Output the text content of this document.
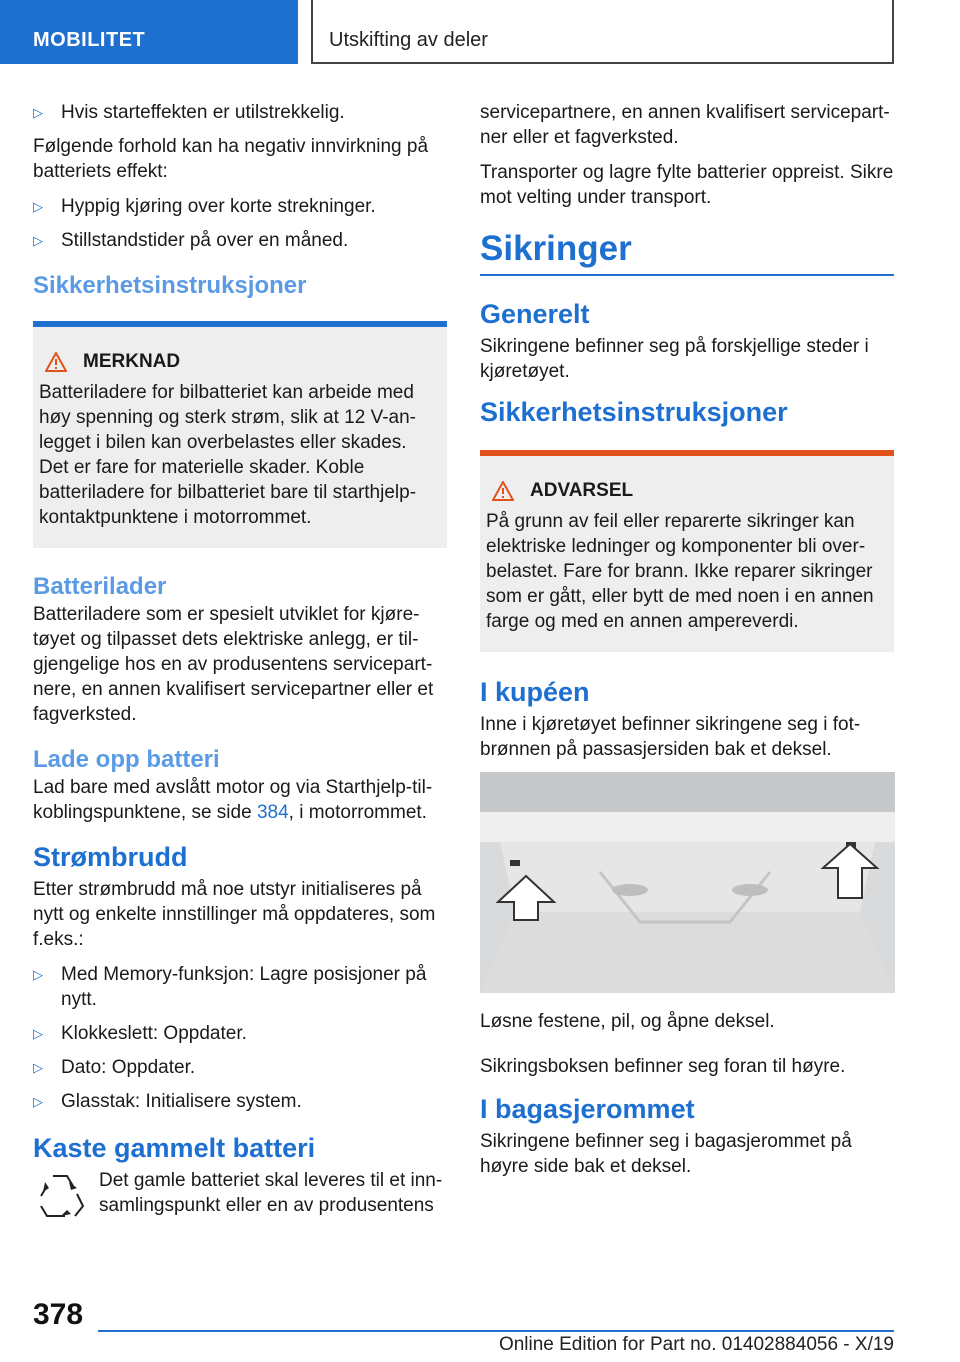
MOBILITET	Utskifting av deler
▷ Hvis starteffekten er utilstrekkelig.

Følgende forhold kan ha negativ innvirkning på batteriets effekt:

▷ Hyppig kjøring over korte strekninger.
▷ Stillstandstider på over en måned.
Sikkerhetsinstruksjoner
MERKNAD

Batteriladere for bilbatteriet kan arbeide med høy spenning og sterk strøm, slik at 12 V-anlegget i bilen kan overbelastes eller skades. Det er fare for materielle skader. Koble batteriladere for bilbatteriet bare til starthjelp-kontaktpunktene i motorrommet.

Batterilader

Batteriladere som er spesielt utviklet for kjøretøyet og tilpasset dets elektriske anlegg, er tilgjengelige hos en av produsentens servicepartnere, en annen kvalifisert servicepartner eller et fagverksted.

Lade opp batteri

Lad bare med avslått motor og via Starthjelp-tilkoblingspunktene, se side 384, i motorrommet.

Strømbrudd

Etter strømbrudd må noe utstyr initialiseres på nytt og enkelte innstillinger må oppdateres, som f.eks.:

▷ Med Memory-funksjon: Lagre posisjoner på nytt.
▷ Klokkeslett: Oppdater.
▷ Dato: Oppdater.
▷ Glasstak: Initialisere system.
Kaste gammelt batteri

Det gamle batteriet skal leveres til et innsamlingspunkt eller en av produsentens

servicepartnere, en annen kvalifisert servicepartner eller et fagverksted.

Transporter og lagre fylte batterier oppreist. Sikre mot velting under transport.

Sikringer
Generelt

Sikringene befinner seg på forskjellige steder i kjøretøyet.

Sikkerhetsinstruksjoner
ADVARSEL

På grunn av feil eller reparerte sikringer kan elektriske ledninger og komponenter bli overbelastet. Fare for brann. Ikke reparer sikringer som er gått, eller bytt de med noen i en annen farge og med en annen ampereverdi.

I kupéen

Inne i kjøretøyet befinner sikringene seg i fotbrønnen på passasjersiden bak et deksel.

Løsne festene, pil, og åpne deksel.

Sikringsboksen befinner seg foran til høyre.

I bagasjerommet

Sikringene befinner seg i bagasjerommet på høyre side bak et deksel.

378
Online Edition for Part no. 01402884056 - X/19
